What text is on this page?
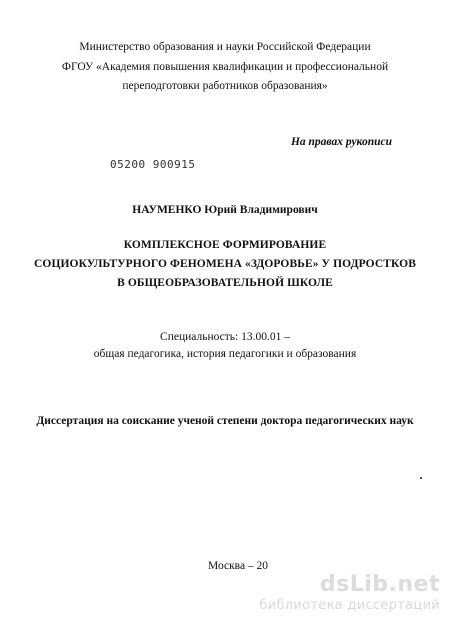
Министерство образования и науки Российской Федерации
ФГОУ «Академия повышения квалификации и профессиональной
переподготовки работников образования»
На правах рукописи
05200 900915
НАУМЕНКО Юрий Владимирович
КОМПЛЕКСНОЕ ФОРМИРОВАНИЕ
СОЦИОКУЛЬТУРНОГО ФЕНОМЕНА «ЗДОРОВЬЕ» У ПОДРОСТКОВ
В ОБЩЕОБРАЗОВАТЕЛЬНОЙ ШКОЛЕ
Специальность: 13.00.01 –
общая педагогика, история педагогики и образования
Диссертация на соискание ученой степени доктора педагогических наук
Москва – 20
dsLib.net
библиотека диссертаций
